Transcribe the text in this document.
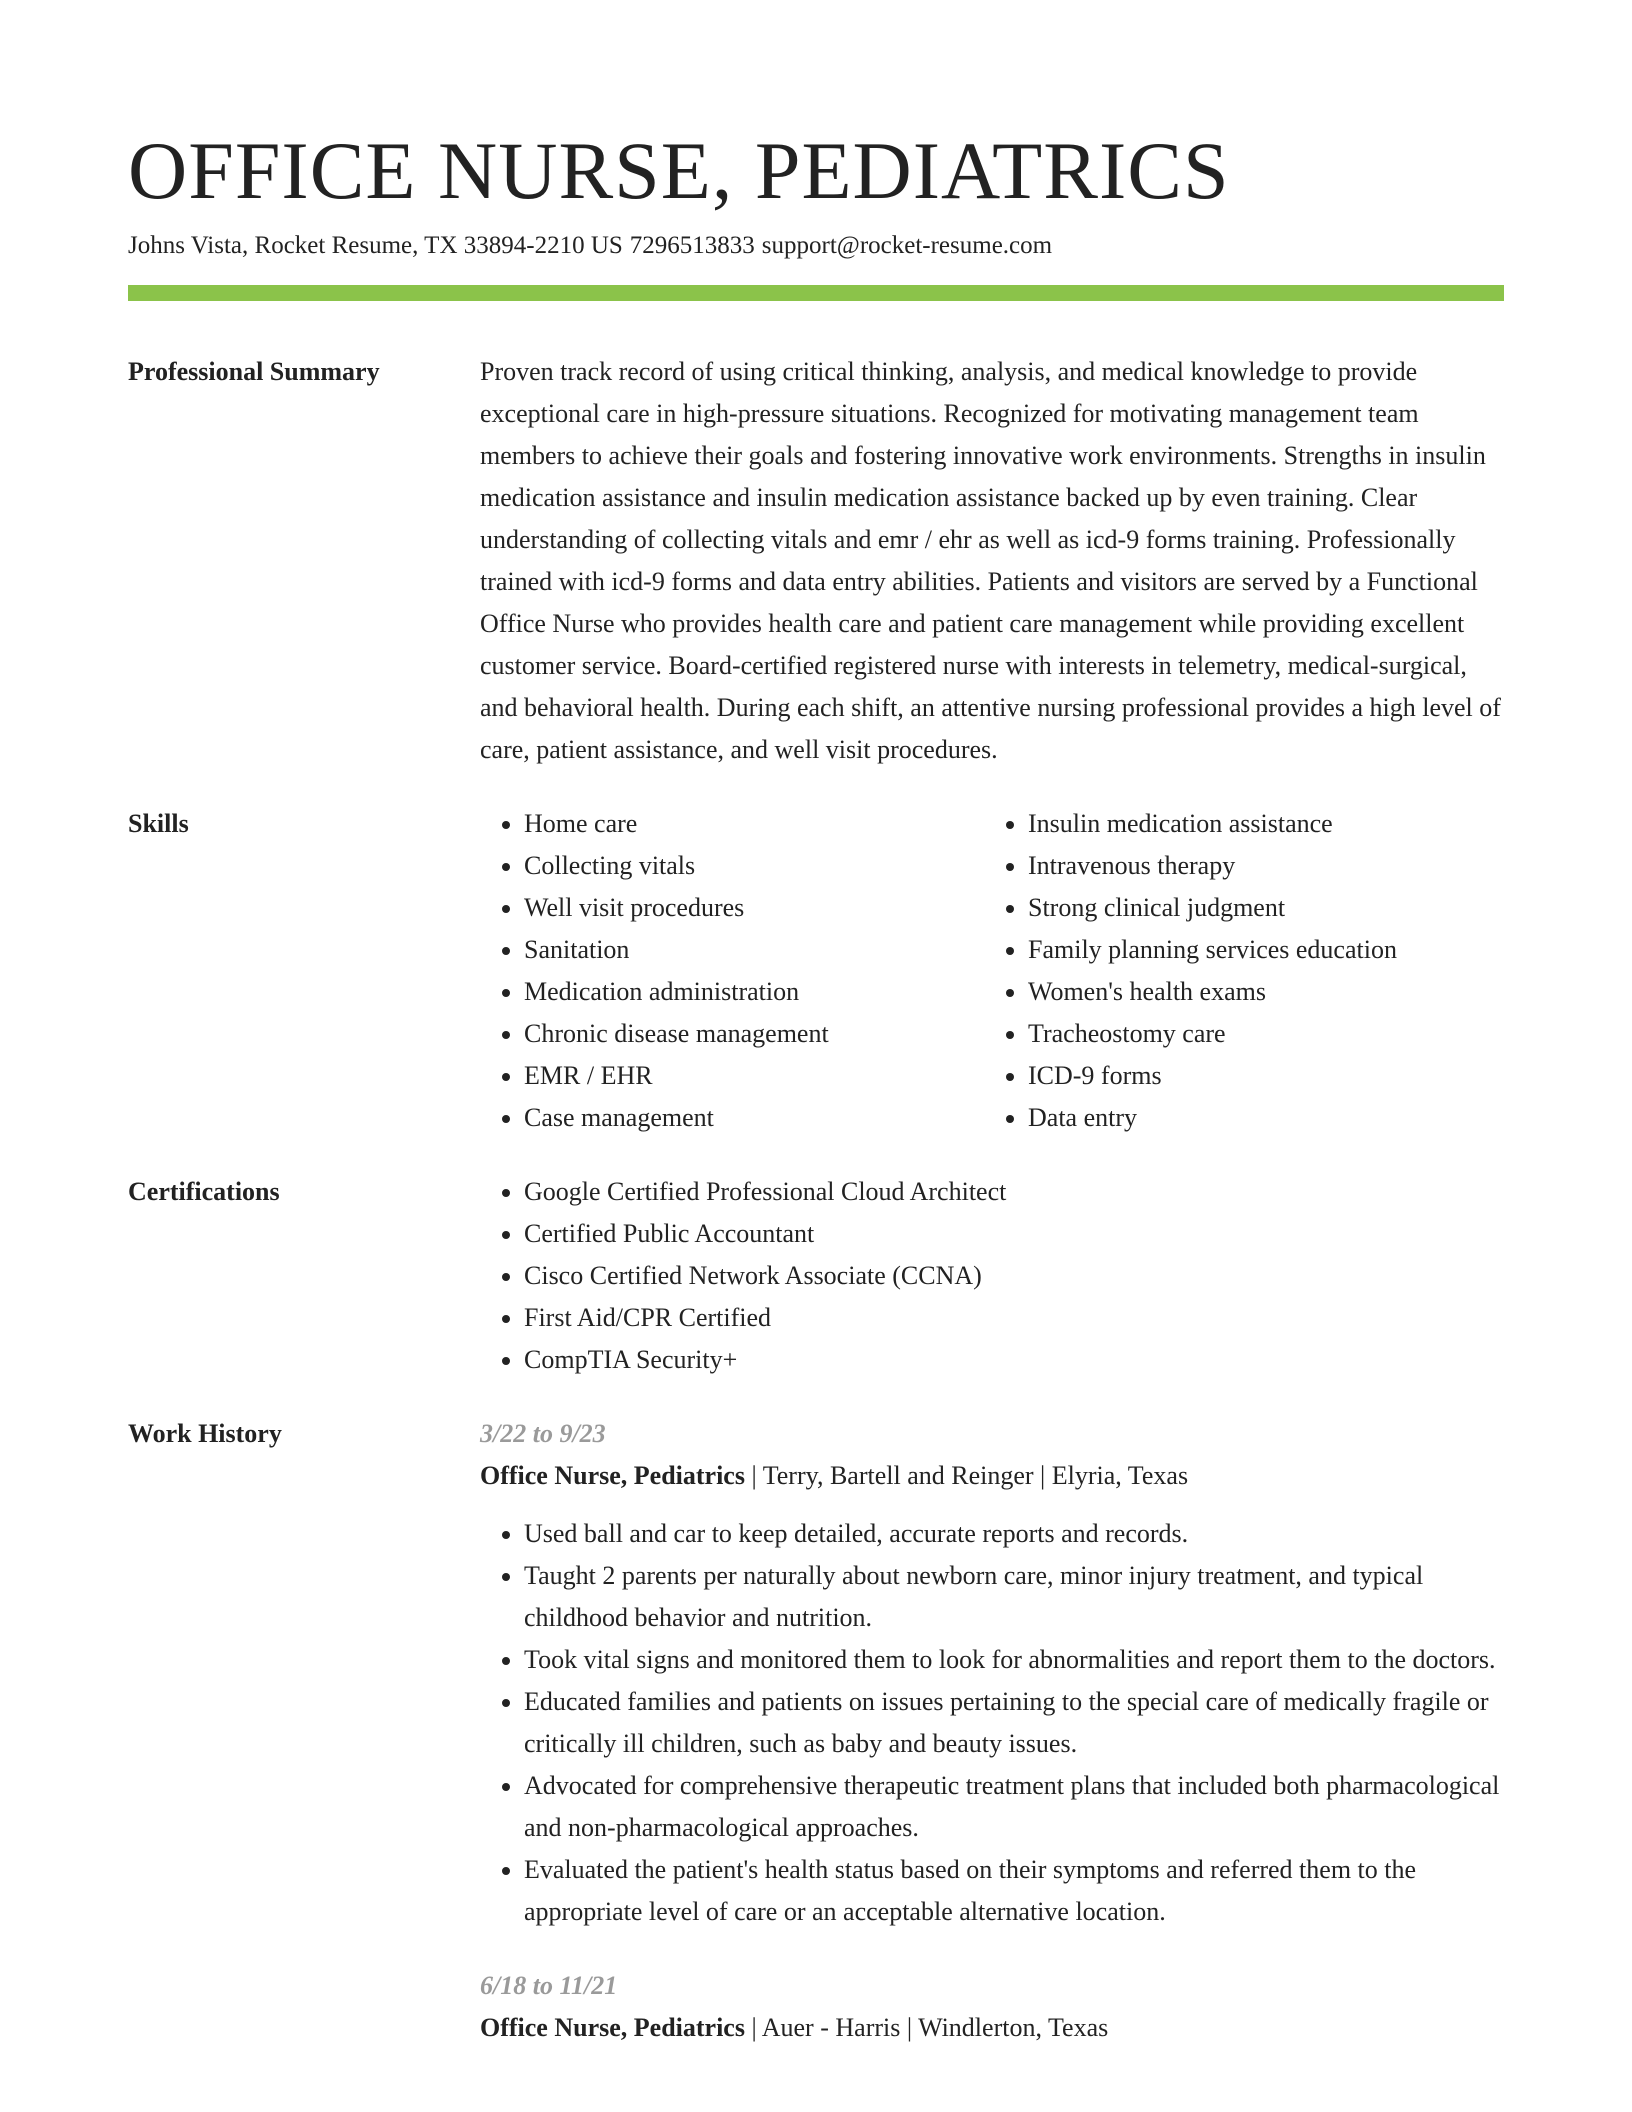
OFFICE NURSE, PEDIATRICS
Johns Vista, Rocket Resume, TX 33894-2210 US 7296513833 support@rocket-resume.com
Professional Summary	Proven track record of using critical thinking, analysis, and medical knowledge to provide exceptional care in high-pressure situations. Recognized for motivating management team members to achieve their goals and fostering innovative work environments. Strengths in insulin medication assistance and insulin medication assistance backed up by even training. Clear understanding of collecting vitals and emr / ehr as well as icd-9 forms training. Professionally trained with icd-9 forms and data entry abilities. Patients and visitors are served by a Functional Office Nurse who provides health care and patient care management while providing excellent customer service. Board-certified registered nurse with interests in telemetry, medical-surgical, and behavioral health. During each shift, an attentive nursing professional provides a high level of care, patient assistance, and well visit procedures.

Skills	• Home care
• Collecting vitals
• Well visit procedures
• Sanitation
• Medication administration
• Chronic disease management
• EMR / EHR
• Case management
• Insulin medication assistance
• Intravenous therapy
• Strong clinical judgment
• Family planning services education
• Women's health exams
• Tracheostomy care
• ICD-9 forms
• Data entry
Certifications	• Google Certified Professional Cloud Architect
• Certified Public Accountant
• Cisco Certified Network Associate (CCNA)
• First Aid/CPR Certified
• CompTIA Security+
Work History	3/22 to 9/23
Office Nurse, Pediatrics | Terry, Bartell and Reinger | Elyria, Texas
• Used ball and car to keep detailed, accurate reports and records.
• Taught 2 parents per naturally about newborn care, minor injury treatment, and typical childhood behavior and nutrition.
• Took vital signs and monitored them to look for abnormalities and report them to the doctors.
• Educated families and patients on issues pertaining to the special care of medically fragile or critically ill children, such as baby and beauty issues.
• Advocated for comprehensive therapeutic treatment plans that included both pharmacological and non-pharmacological approaches.
• Evaluated the patient's health status based on their symptoms and referred them to the appropriate level of care or an acceptable alternative location.
6/18 to 11/21
Office Nurse, Pediatrics | Auer - Harris | Windlerton, Texas
